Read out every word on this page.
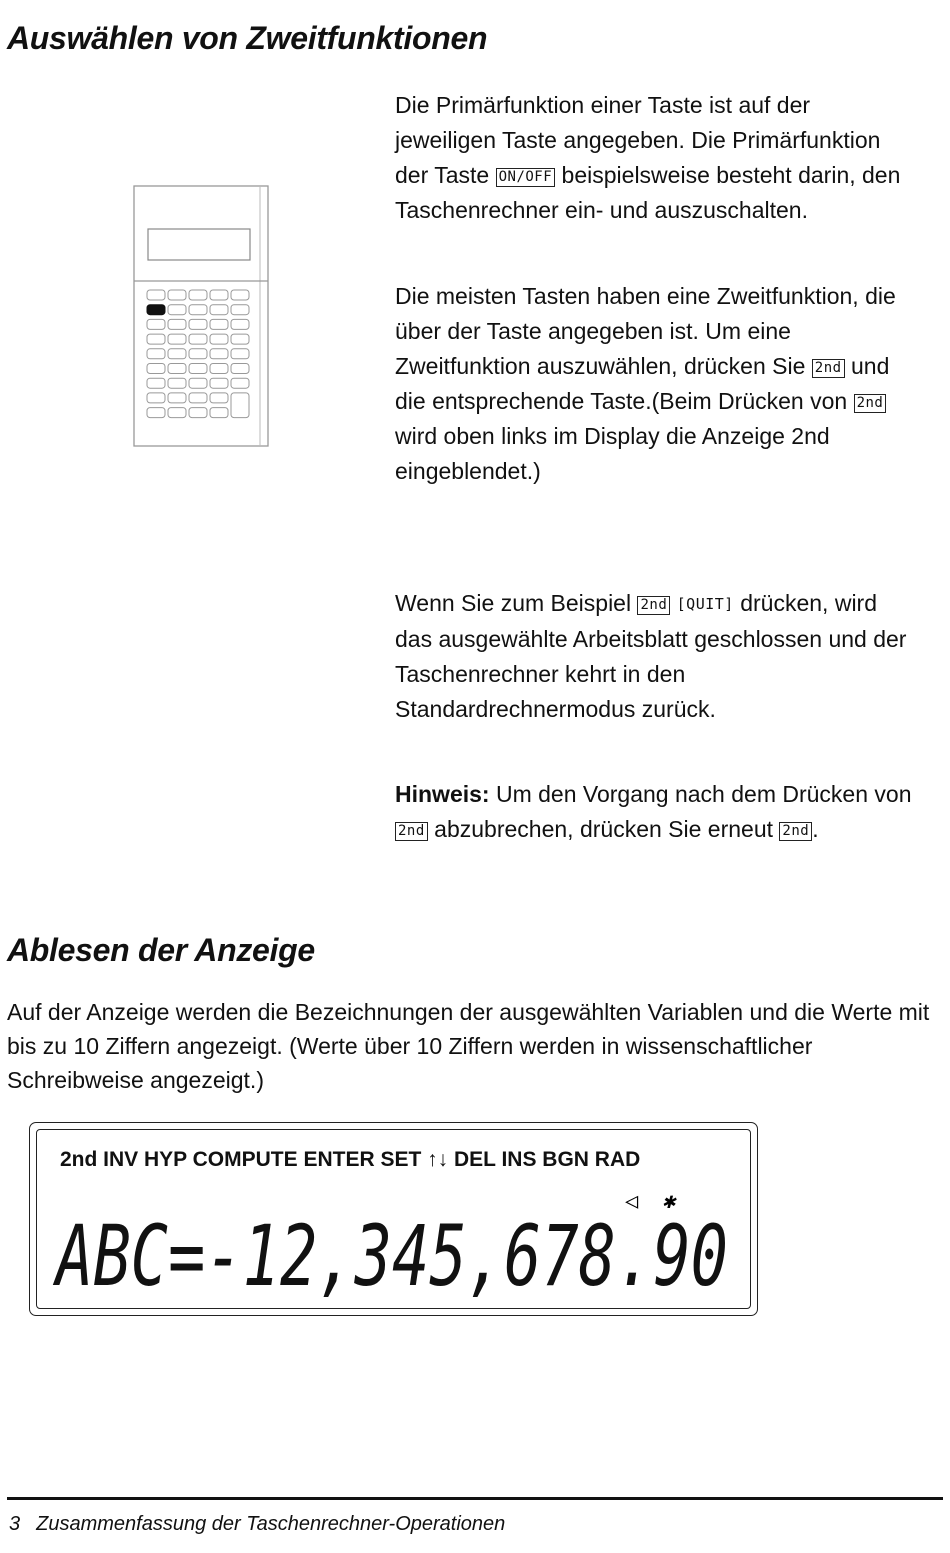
Auswählen von Zweitfunktionen

Die Primärfunktion einer Taste ist auf der jeweiligen Taste angegeben. Die Primärfunktion der Taste ON/OFF beispielsweise besteht darin, den Taschenrechner ein- und auszuschalten.

Die meisten Tasten haben eine Zweitfunktion, die über der Taste angegeben ist. Um eine Zweitfunktion auszuwählen, drücken Sie 2nd und die entsprechende Taste.(Beim Drücken von 2nd wird oben links im Display die Anzeige 2nd eingeblendet.)

Wenn Sie zum Beispiel 2nd [QUIT] drücken, wird das ausgewählte Arbeitsblatt geschlossen und der Taschenrechner kehrt in den Standardrechnermodus zurück.

Hinweis: Um den Vorgang nach dem Drücken von 2nd abzubrechen, drücken Sie erneut 2nd .

Ablesen der Anzeige

Auf der Anzeige werden die Bezeichnungen der ausgewählten Variablen und die Werte mit bis zu 10 Ziffern angezeigt. (Werte über 10 Ziffern werden in wissenschaftlicher Schreibweise angezeigt.)

2nd INV HYP COMPUTE ENTER SET ↑↓ DEL INS BGN RAD
◁ ✱
ABC=-12,345,678.90
3 Zusammenfassung der Taschenrechner-Operationen
